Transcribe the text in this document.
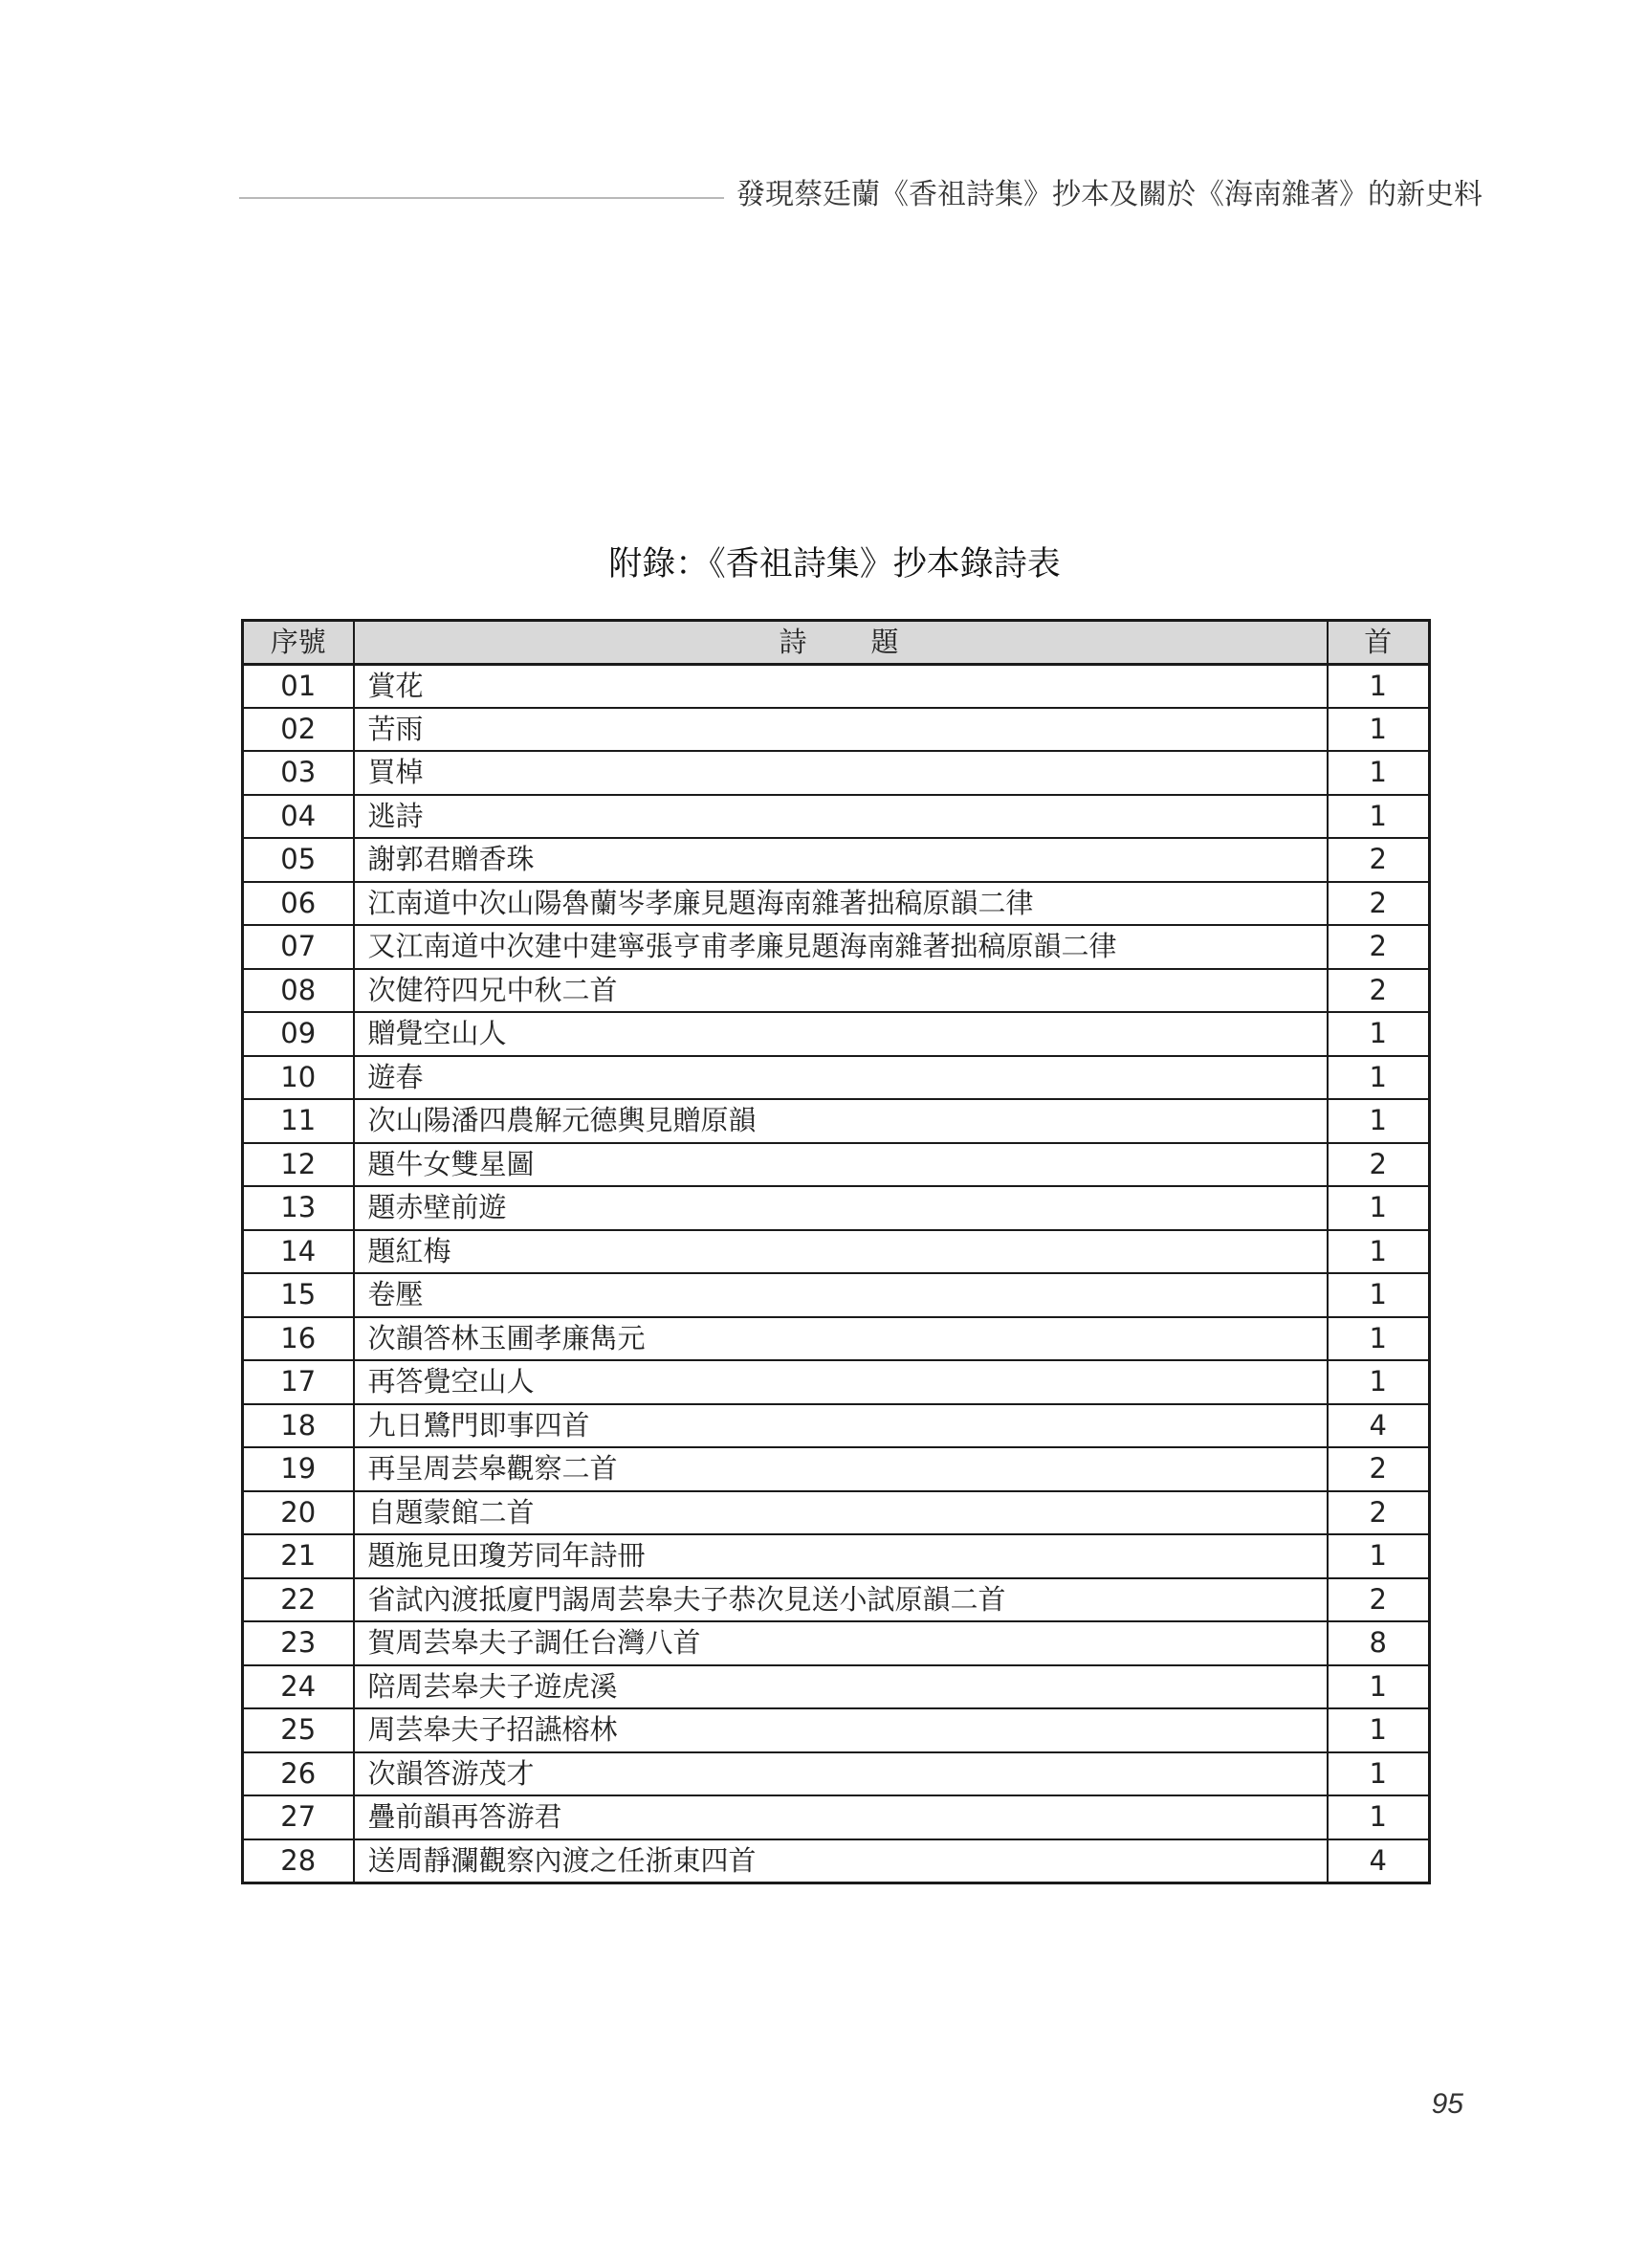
發現蔡廷蘭《香祖詩集》抄本及關於《海南雜著》的新史料
附錄：《香祖詩集》抄本錄詩表
序號	詩　　題	首
01	賞花	1
02	苦雨	1
03	買棹	1
04	逃詩	1
05	謝郭君贈香珠	2
06	江南道中次山陽魯蘭岑孝廉見題海南雜著拙稿原韻二律	2
07	又江南道中次建中建寧張亨甫孝廉見題海南雜著拙稿原韻二律	2
08	次健符四兄中秋二首	2
09	贈覺空山人	1
10	遊春	1
11	次山陽潘四農解元德輿見贈原韻	1
12	題牛女雙星圖	2
13	題赤壁前遊	1
14	題紅梅	1
15	卷壓	1
16	次韻答林玉圃孝廉雋元	1
17	再答覺空山人	1
18	九日鷺門即事四首	4
19	再呈周芸皋觀察二首	2
20	自題蒙館二首	2
21	題施見田瓊芳同年詩冊	1
22	省試內渡抵廈門謁周芸皋夫子恭次見送小試原韻二首	2
23	賀周芸皋夫子調任台灣八首	8
24	陪周芸皋夫子遊虎溪	1
25	周芸皋夫子招讌榕林	1
26	次韻答游茂才	1
27	疊前韻再答游君	1
28	送周靜瀾觀察內渡之任浙東四首	4
95
